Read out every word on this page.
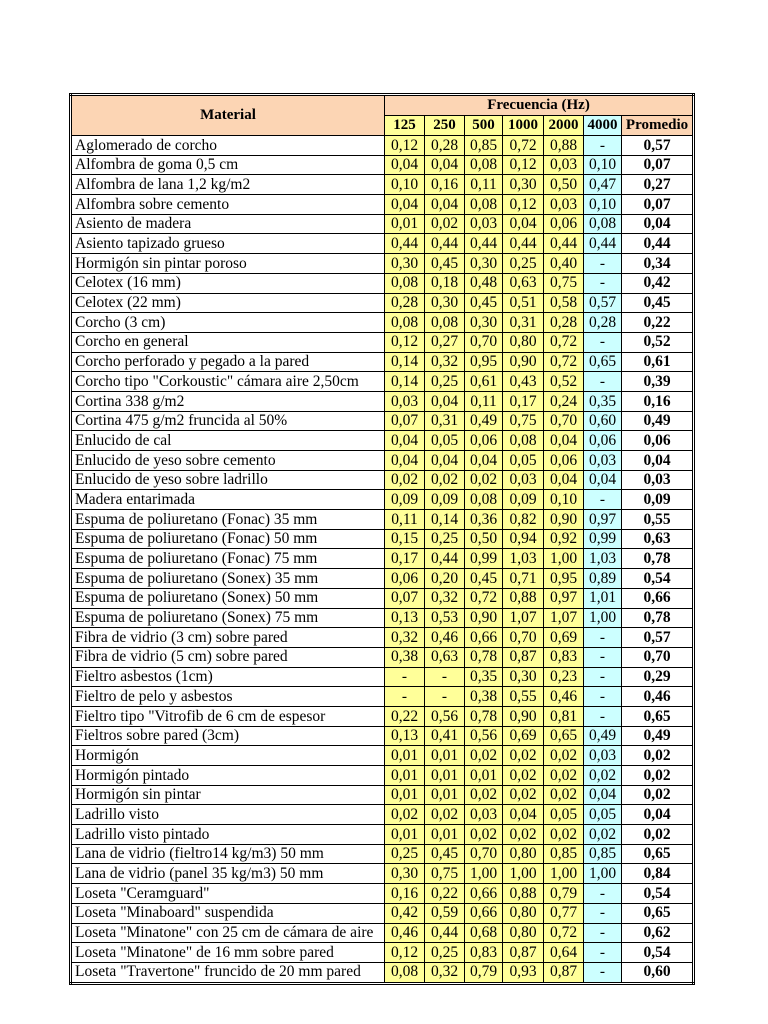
Material	Frecuencia (Hz)						
	125	250	500	1000	2000	4000	Promedio
Aglomerado de corcho	0,12	0,28	0,85	0,72	0,88	-	0,57
Alfombra de goma 0,5 cm	0,04	0,04	0,08	0,12	0,03	0,10	0,07
Alfombra de lana 1,2 kg/m2	0,10	0,16	0,11	0,30	0,50	0,47	0,27
Alfombra sobre cemento	0,04	0,04	0,08	0,12	0,03	0,10	0,07
Asiento de madera	0,01	0,02	0,03	0,04	0,06	0,08	0,04
Asiento tapizado grueso	0,44	0,44	0,44	0,44	0,44	0,44	0,44
Hormigón sin pintar poroso	0,30	0,45	0,30	0,25	0,40	-	0,34
Celotex (16 mm)	0,08	0,18	0,48	0,63	0,75	-	0,42
Celotex (22 mm)	0,28	0,30	0,45	0,51	0,58	0,57	0,45
Corcho (3 cm)	0,08	0,08	0,30	0,31	0,28	0,28	0,22
Corcho en general	0,12	0,27	0,70	0,80	0,72	-	0,52
Corcho perforado y pegado a la pared	0,14	0,32	0,95	0,90	0,72	0,65	0,61
Corcho tipo "Corkoustic" cámara aire 2,50cm	0,14	0,25	0,61	0,43	0,52	-	0,39
Cortina 338 g/m2	0,03	0,04	0,11	0,17	0,24	0,35	0,16
Cortina 475 g/m2 fruncida al 50%	0,07	0,31	0,49	0,75	0,70	0,60	0,49
Enlucido de cal	0,04	0,05	0,06	0,08	0,04	0,06	0,06
Enlucido de yeso sobre cemento	0,04	0,04	0,04	0,05	0,06	0,03	0,04
Enlucido de yeso sobre ladrillo	0,02	0,02	0,02	0,03	0,04	0,04	0,03
Madera entarimada	0,09	0,09	0,08	0,09	0,10	-	0,09
Espuma de poliuretano (Fonac) 35 mm	0,11	0,14	0,36	0,82	0,90	0,97	0,55
Espuma de poliuretano (Fonac) 50 mm	0,15	0,25	0,50	0,94	0,92	0,99	0,63
Espuma de poliuretano (Fonac) 75 mm	0,17	0,44	0,99	1,03	1,00	1,03	0,78
Espuma de poliuretano (Sonex) 35 mm	0,06	0,20	0,45	0,71	0,95	0,89	0,54
Espuma de poliuretano (Sonex) 50 mm	0,07	0,32	0,72	0,88	0,97	1,01	0,66
Espuma de poliuretano (Sonex) 75 mm	0,13	0,53	0,90	1,07	1,07	1,00	0,78
Fibra de vidrio (3 cm) sobre pared	0,32	0,46	0,66	0,70	0,69	-	0,57
Fibra de vidrio (5 cm) sobre pared	0,38	0,63	0,78	0,87	0,83	-	0,70
Fieltro asbestos (1cm)	-	-	0,35	0,30	0,23	-	0,29
Fieltro de pelo y asbestos	-	-	0,38	0,55	0,46	-	0,46
Fieltro tipo "Vitrofib de 6 cm de espesor	0,22	0,56	0,78	0,90	0,81	-	0,65
Fieltros sobre pared (3cm)	0,13	0,41	0,56	0,69	0,65	0,49	0,49
Hormigón	0,01	0,01	0,02	0,02	0,02	0,03	0,02
Hormigón pintado	0,01	0,01	0,01	0,02	0,02	0,02	0,02
Hormigón sin pintar	0,01	0,01	0,02	0,02	0,02	0,04	0,02
Ladrillo visto	0,02	0,02	0,03	0,04	0,05	0,05	0,04
Ladrillo visto pintado	0,01	0,01	0,02	0,02	0,02	0,02	0,02
Lana de vidrio (fieltro14 kg/m3) 50 mm	0,25	0,45	0,70	0,80	0,85	0,85	0,65
Lana de vidrio (panel 35 kg/m3) 50 mm	0,30	0,75	1,00	1,00	1,00	1,00	0,84
Loseta "Ceramguard"	0,16	0,22	0,66	0,88	0,79	-	0,54
Loseta "Minaboard" suspendida	0,42	0,59	0,66	0,80	0,77	-	0,65
Loseta "Minatone" con 25 cm de cámara de aire	0,46	0,44	0,68	0,80	0,72	-	0,62
Loseta "Minatone" de 16 mm sobre pared	0,12	0,25	0,83	0,87	0,64	-	0,54
Loseta "Travertone" fruncido de 20 mm pared	0,08	0,32	0,79	0,93	0,87	-	0,60
